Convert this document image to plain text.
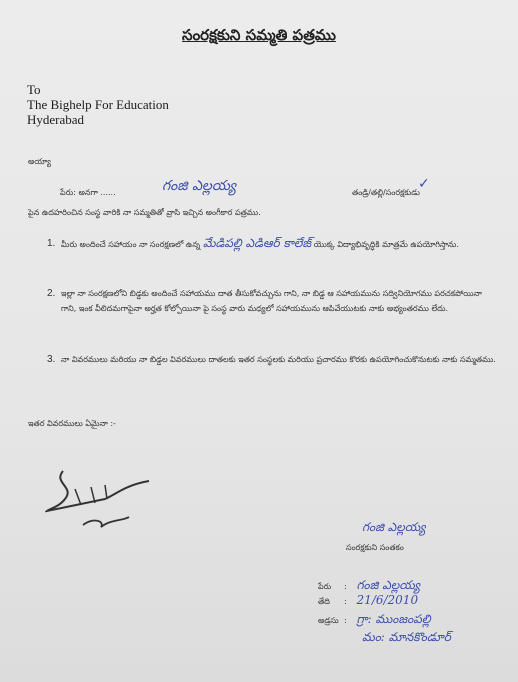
సంరక్షకుని సమ్మతి పత్రము
To
The Bighelp For Education
Hyderabad
అయ్యా
పేరు: అనగా ......	గంజి ఎల్లయ్య	తండ్రి/తల్లి/సంరక్షకుడు
✓
పైన ఉదహరించిన సంస్థ వారికి నా సమ్మతితో వ్రాసి ఇచ్చిన అంగీకార పత్రము.
1. మీరు అందించే సహాయం నా సంరక్షణలో ఉన్న మేడిపల్లి ఎడిఆర్ కాలేజ్ యొక్క విద్యాభివృద్ధికి మాత్రమే ఉపయోగిస్తాను.
2. ఇల్లా నా సంరక్షణలోని బిడ్డకు అందించే సహాయము దాత తీసుకోవచ్చును గాని, నా బిడ్డ ఆ సహాయమును సద్వినియోగము పరచకపోయినా గాని, ఇంక వీలిదమగాపైనా అర్హత కోల్పోయినా పై సంస్థ వారు మధ్యలో సహాయమును ఆపివేయుటకు నాకు అభ్యంతరము లేదు.
3. నా వివరములు మరియు నా బిడ్డల వివరములు దాతలకు ఇతర సంస్థలకు మరియు ప్రచారము కొరకు ఉపయోగించుకొనుటకు నాకు సమ్మతము.
ఇతర వివరములు ఏమైనా :-
గంజి ఎల్లయ్య
సంరక్షకుని సంతకం
పేరు : గంజి ఎల్లయ్య
తేది : 21/6/2010
అడ్రసు : గ్రా: ముంజంపల్లి
మం: మానకొండూర్
